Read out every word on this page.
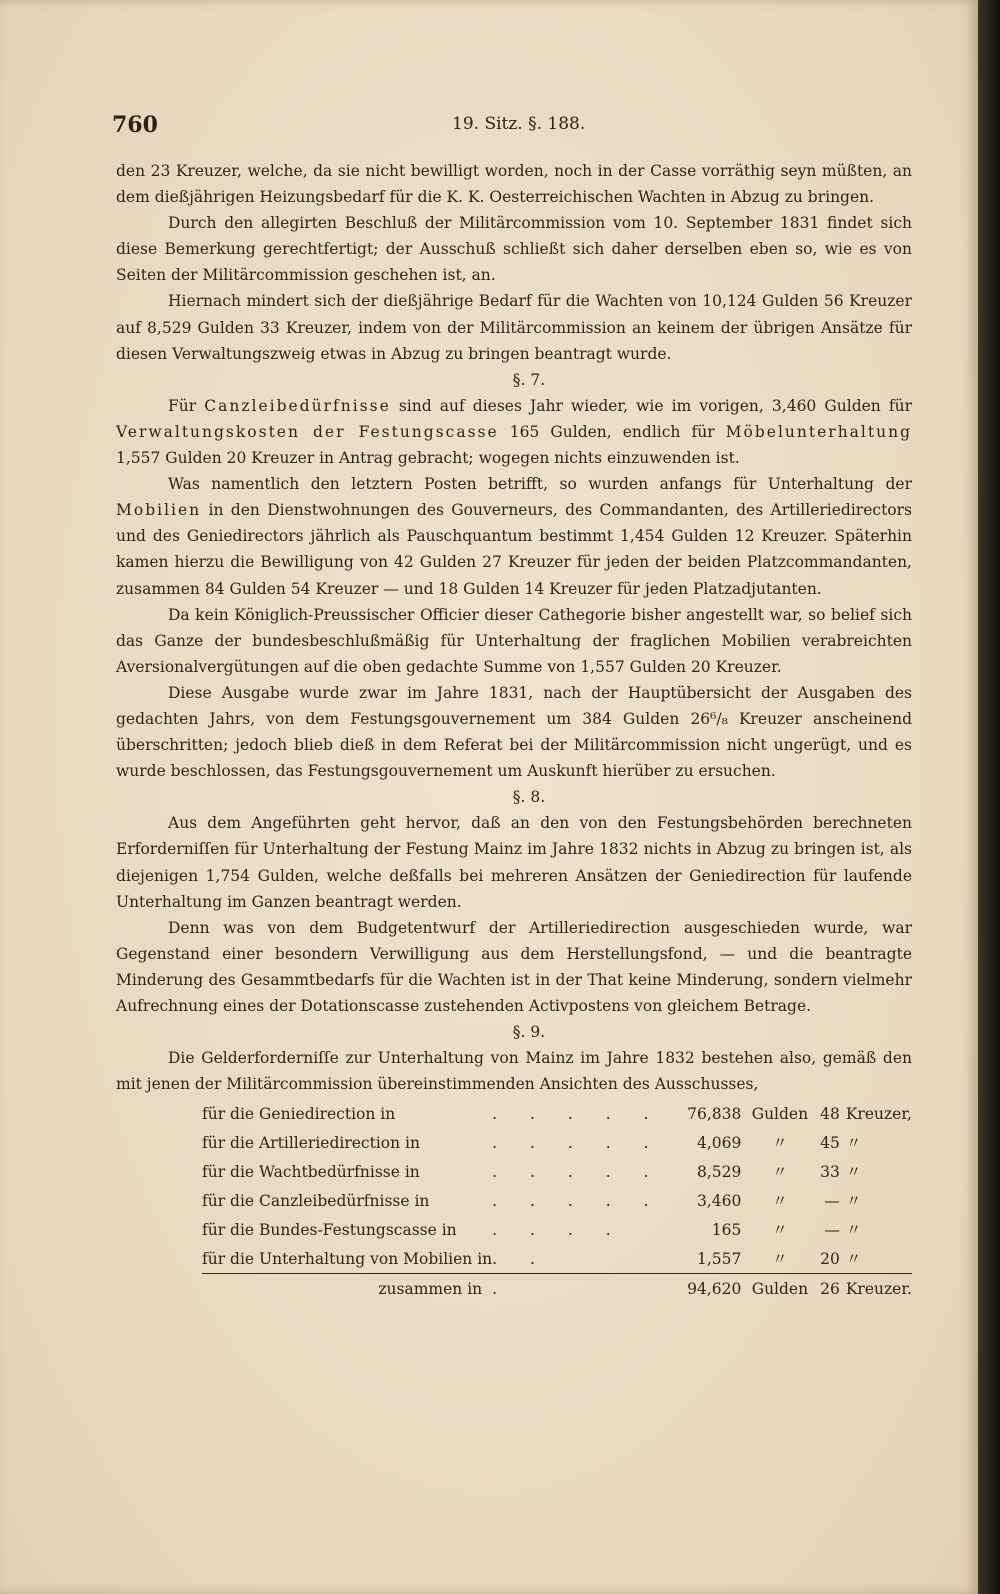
760	19. Sitz. §. 188.

den 23 Kreuzer, welche, da sie nicht bewilligt worden, noch in der Casse vorräthig seyn müßten, an dem dießjährigen Heizungsbedarf für die K. K. Oesterreichischen Wachten in Abzug zu bringen.

Durch den allegirten Beschluß der Militärcommission vom 10. September 1831 findet sich diese Bemerkung gerechtfertigt; der Ausschuß schließt sich daher derselben eben so, wie es von Seiten der Militärcommission geschehen ist, an.

Hiernach mindert sich der dießjährige Bedarf für die Wachten von 10,124 Gulden 56 Kreuzer auf 8,529 Gulden 33 Kreuzer, indem von der Militärcommission an keinem der übrigen Ansätze für diesen Verwaltungszweig etwas in Abzug zu bringen beantragt wurde.

§. 7.

Für Canzleibedürfnisse sind auf dieses Jahr wieder, wie im vorigen, 3,460 Gulden für Verwaltungskosten der Festungscasse 165 Gulden, endlich für Möbelunterhaltung 1,557 Gulden 20 Kreuzer in Antrag gebracht; wogegen nichts einzuwenden ist.

Was namentlich den letztern Posten betrifft, so wurden anfangs für Unterhaltung der Mobilien in den Dienstwohnungen des Gouverneurs, des Commandanten, des Artilleriedirectors und des Geniedirectors jährlich als Pauschquantum bestimmt 1,454 Gulden 12 Kreuzer. Späterhin kamen hierzu die Bewilligung von 42 Gulden 27 Kreuzer für jeden der beiden Platzcommandanten, zusammen 84 Gulden 54 Kreuzer — und 18 Gulden 14 Kreuzer für jeden Platzadjutanten.

Da kein Königlich-Preussischer Officier dieser Cathegorie bisher angestellt war, so belief sich das Ganze der bundesbeschlußmäßig für Unterhaltung der fraglichen Mobilien verabreichten Aversionalvergütungen auf die oben gedachte Summe von 1,557 Gulden 20 Kreuzer.

Diese Ausgabe wurde zwar im Jahre 1831, nach der Hauptübersicht der Ausgaben des gedachten Jahrs, von dem Festungsgouvernement um 384 Gulden 26⁶/₈ Kreuzer anscheinend überschritten; jedoch blieb dieß in dem Referat bei der Militärcommission nicht ungerügt, und es wurde beschlossen, das Festungsgouvernement um Auskunft hierüber zu ersuchen.

§. 8.

Aus dem Angeführten geht hervor, daß an den von den Festungsbehörden berechneten Erforderniſſen für Unterhaltung der Festung Mainz im Jahre 1832 nichts in Abzug zu bringen ist, als diejenigen 1,754 Gulden, welche deßfalls bei mehreren Ansätzen der Geniedirection für laufende Unterhaltung im Ganzen beantragt werden.

Denn was von dem Budgetentwurf der Artilleriedirection ausgeschieden wurde, war Gegenstand einer besondern Verwilligung aus dem Herstellungsfond, — und die beantragte Minderung des Gesammtbedarfs für die Wachten ist in der That keine Minderung, sondern vielmehr Aufrechnung eines der Dotationscasse zustehenden Activpostens von gleichem Betrage.

§. 9.

Die Gelderforderniſſe zur Unterhaltung von Mainz im Jahre 1832 bestehen also, gemäß den mit jenen der Militärcommission übereinstimmenden Ansichten des Ausschusses,

für die Geniedirection in	. . . . .	76,838	Gulden	48	Kreuzer,
für die Artilleriedirection in	. . . . .	4,069	〃	45	〃
für die Wachtbedürfnisse in	. . . . .	8,529	〃	33	〃
für die Canzleibedürfnisse in	. . . . .	3,460	〃	—	〃
für die Bundes-Festungscasse in	. . . .	165	〃	—	〃
für die Unterhaltung von Mobilien in	. .	1,557	〃	20	〃
zusammen in	.	94,620	Gulden	26	Kreuzer.
